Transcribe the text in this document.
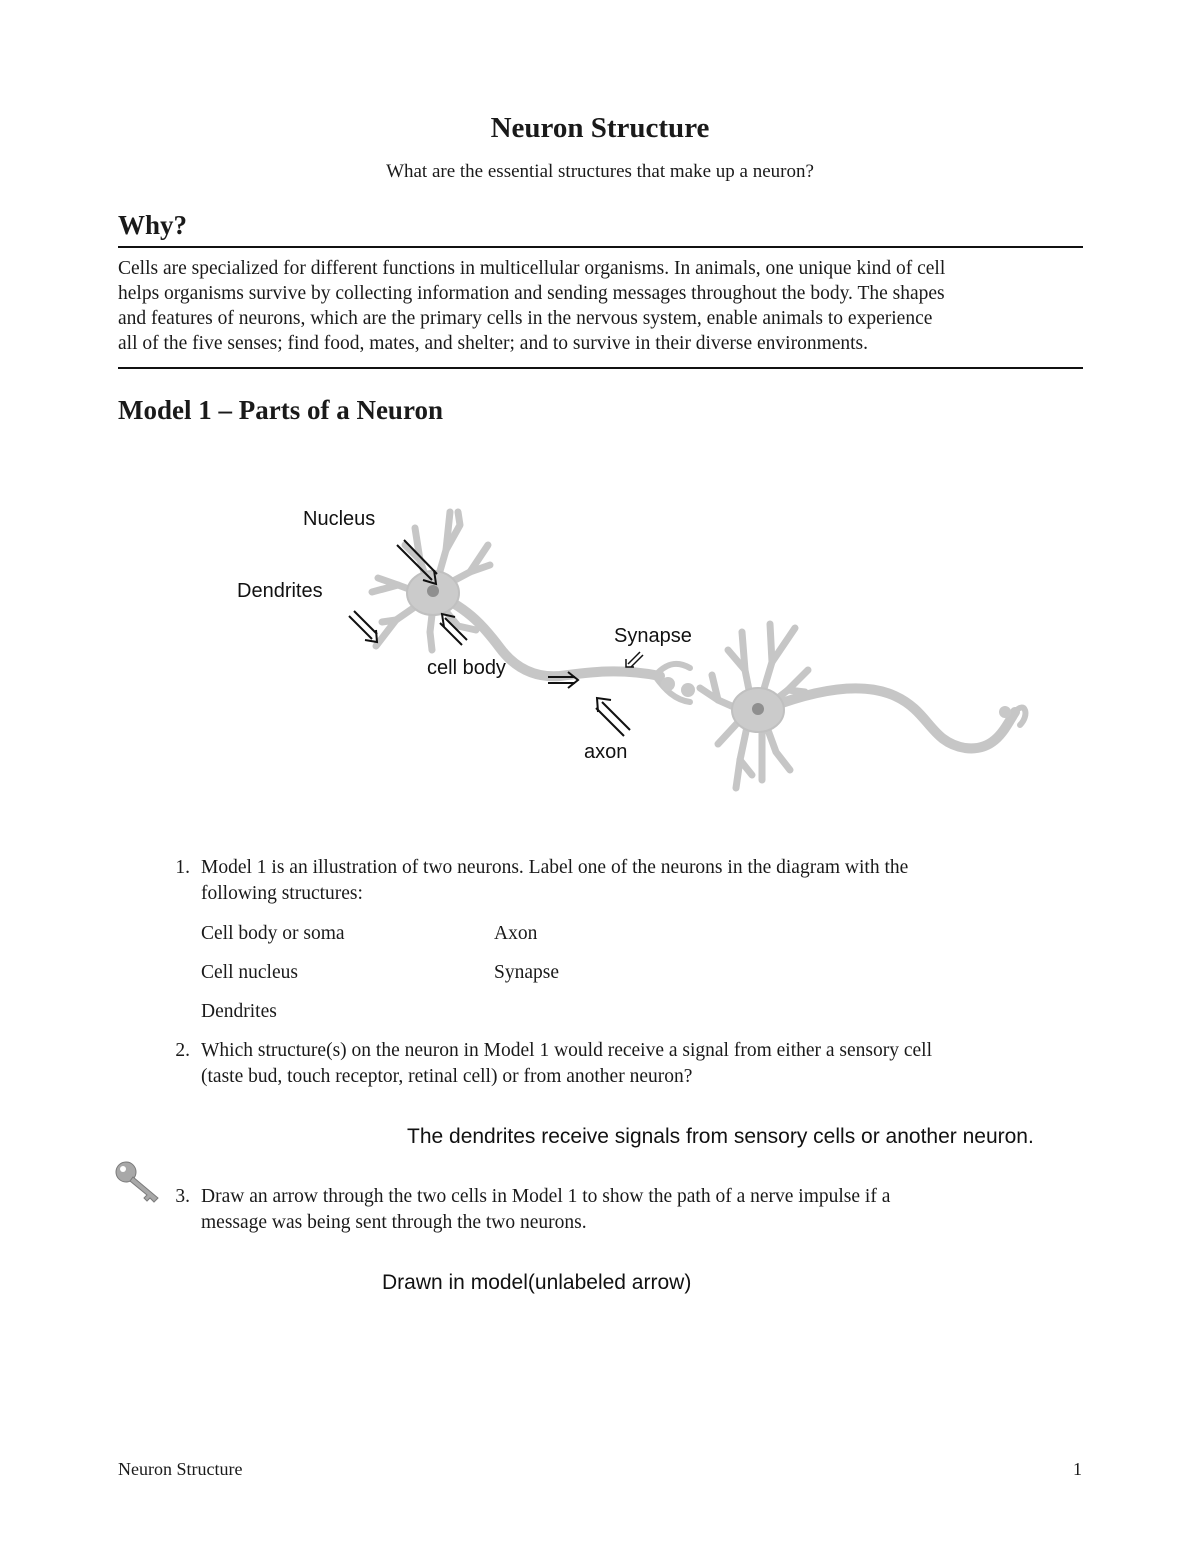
Neuron Structure
What are the essential structures that make up a neuron?
Why?
Cells are specialized for different functions in multicellular organisms. In animals, one unique kind of cell
helps organisms survive by collecting information and sending messages throughout the body. The shapes
and features of neurons, which are the primary cells in the nervous system, enable animals to experience
all of the five senses; find food, mates, and shelter; and to survive in their diverse environments.
Model 1 – Parts of a Neuron
Nucleus
Dendrites
cell body
Synapse
axon
1. Model 1 is an illustration of two neurons. Label one of the neurons in the diagram with the
following structures:
Cell body or soma	Axon
Cell nucleus	Synapse
Dendrites
2. Which structure(s) on the neuron in Model 1 would receive a signal from either a sensory cell
(taste bud, touch receptor, retinal cell) or from another neuron?
The dendrites receive signals from sensory cells or another neuron.
3. Draw an arrow through the two cells in Model 1 to show the path of a nerve impulse if a
message was being sent through the two neurons.
Drawn in model(unlabeled arrow)
Neuron Structure	1
